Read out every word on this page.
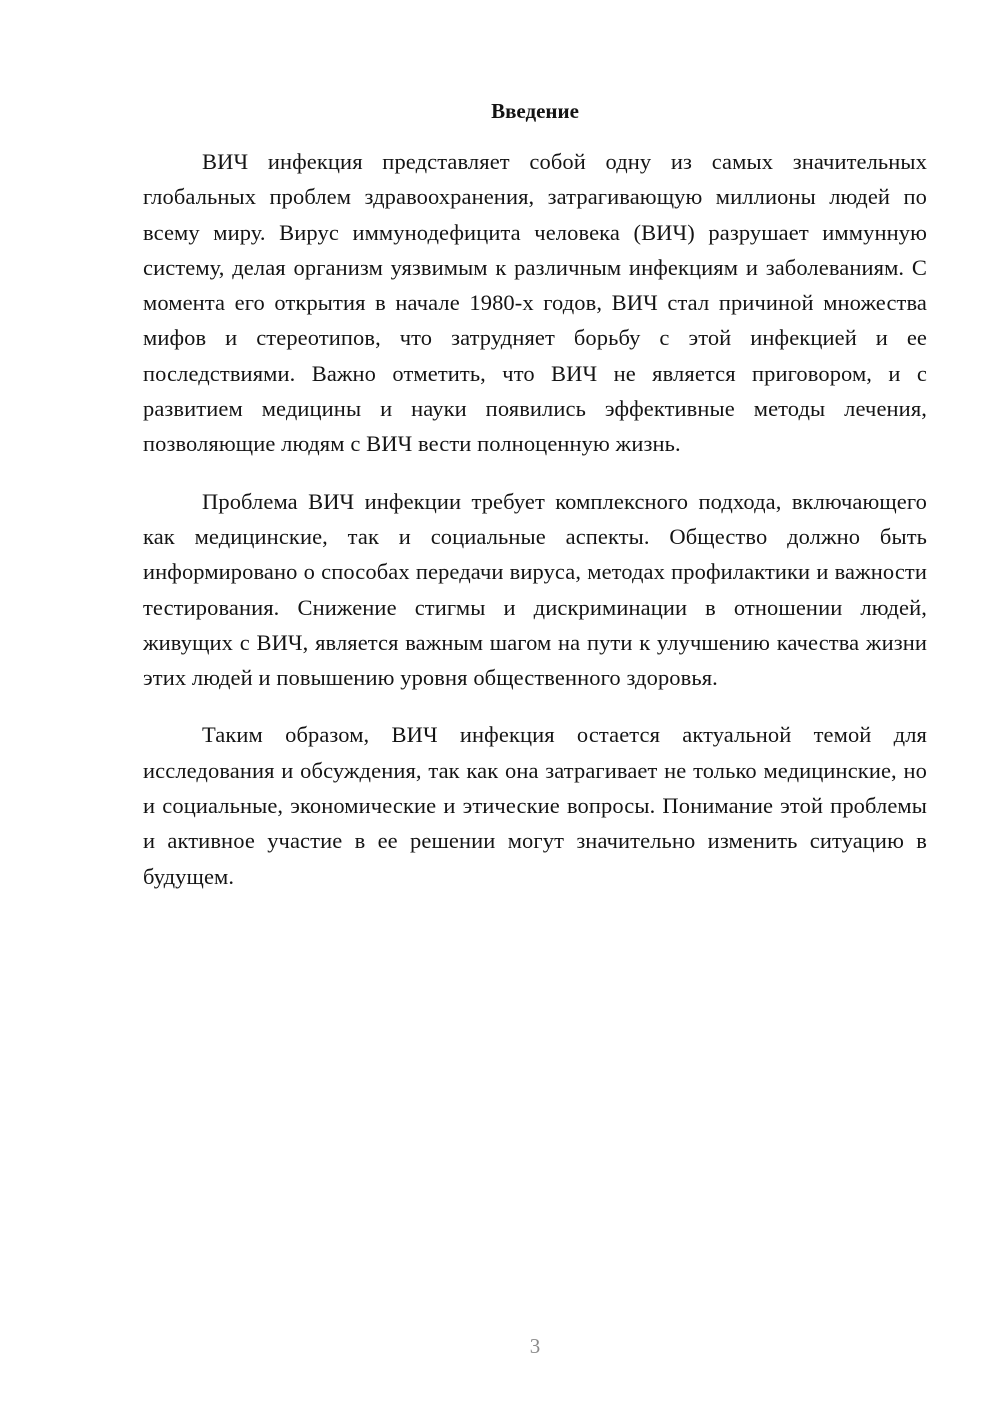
Введение

ВИЧ инфекция представляет собой одну из самых значительных глобальных проблем здравоохранения, затрагивающую миллионы людей по всему миру. Вирус иммунодефицита человека (ВИЧ) разрушает иммунную систему, делая организм уязвимым к различным инфекциям и заболеваниям. С момента его открытия в начале 1980-х годов, ВИЧ стал причиной множества мифов и стереотипов, что затрудняет борьбу с этой инфекцией и ее последствиями. Важно отметить, что ВИЧ не является приговором, и с развитием медицины и науки появились эффективные методы лечения, позволяющие людям с ВИЧ вести полноценную жизнь.

Проблема ВИЧ инфекции требует комплексного подхода, включающего как медицинские, так и социальные аспекты. Общество должно быть информировано о способах передачи вируса, методах профилактики и важности тестирования. Снижение стигмы и дискриминации в отношении людей, живущих с ВИЧ, является важным шагом на пути к улучшению качества жизни этих людей и повышению уровня общественного здоровья.

Таким образом, ВИЧ инфекция остается актуальной темой для исследования и обсуждения, так как она затрагивает не только медицинские, но и социальные, экономические и этические вопросы. Понимание этой проблемы и активное участие в ее решении могут значительно изменить ситуацию в будущем.

3
